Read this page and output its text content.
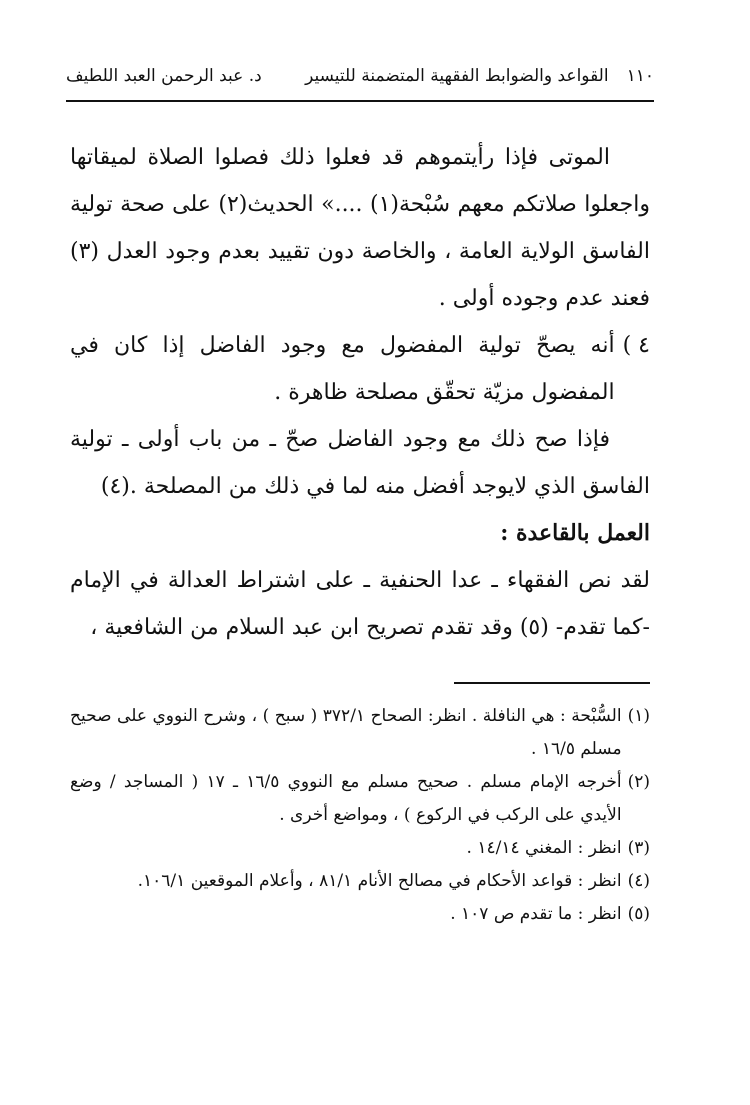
١١٠
القواعد والضوابط الفقهية المتضمنة للتيسير
د. عبد الرحمن العبد اللطيف

الموتى فإذا رأيتموهم قد فعلوا ذلك فصلوا الصلاة لميقاتها واجعلوا صلاتكم معهم سُبْحة(١) ....» الحديث(٢) على صحة تولية الفاسق الولاية العامة ، والخاصة دون تقييد بعدم وجود العدل (٣) فعند عدم وجوده أولى .

٤ )
أنه يصحّ تولية المفضول مع وجود الفاضل إذا كان في المفضول مزيّة تحقّق مصلحة ظاهرة .

فإذا صح ذلك مع وجود الفاضل صحّ ـ من باب أولى ـ تولية الفاسق الذي لايوجد أفضل منه لما في ذلك من المصلحة .(٤)

العمل بالقاعدة :

لقد نص الفقهاء ـ عدا الحنفية ـ على اشتراط العدالة في الإمام -كما تقدم- (٥) وقد تقدم تصريح ابن عبد السلام من الشافعية ،

(١)
السُّبْحة : هي النافلة . انظر: الصحاح ٣٧٢/١ ( سبح ) ، وشرح النووي على صحيح مسلم ١٦/٥ .
(٢)
أخرجه الإمام مسلم . صحيح مسلم مع النووي ١٦/٥ ـ ١٧ ( المساجد / وضع الأيدي على الركب في الركوع ) ، ومواضع أخرى .
(٣)
انظر : المغني ١٤/١٤ .
(٤)
انظر : قواعد الأحكام في مصالح الأنام ٨١/١ ، وأعلام الموقعين ١٠٦/١.
(٥)
انظر : ما تقدم ص ١٠٧ .
